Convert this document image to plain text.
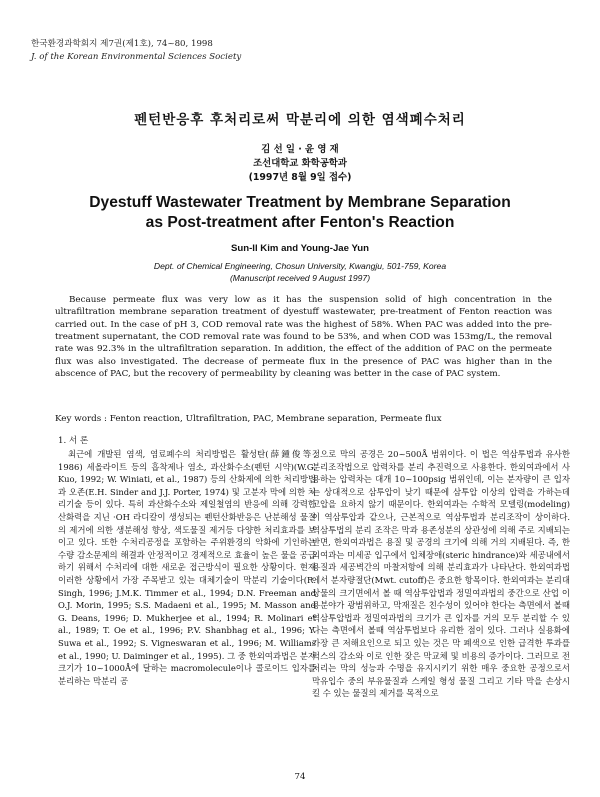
한국환경과학회지 제7권(제1호), 74~80, 1998
J. of the Korean Environmental Sciences Society
펜턴반응후 후처리로써 막분리에 의한 염색폐수처리
김 선 일 · 윤 영 재
조선대학교 화학공학과
(1997년 8월 9일 접수)
Dyestuff Wastewater Treatment by Membrane Separation
as Post-treatment after Fenton's Reaction
Sun-Il Kim and Young-Jae Yun
Dept. of Chemical Engineering, Chosun University, Kwangju, 501-759, Korea
(Manuscript received 9 August 1997)

Because permeate flux was very low as it has the suspension solid of high concentration in the ultrafiltration membrane separation treatment of dyestuff wastewater, pre-treatment of Fenton reaction was carried out. In the case of pH 3, COD removal rate was the highest of 58%. When PAC was added into the pre-treatment supernatant, the COD removal rate was found to be 53%, and when COD was 153mg/L, the removal rate was 92.3% in the ultrafiltration separation. In addition, the effect of the addition of PAC on the permeate flux was also investigated. The decrease of permeate flux in the presence of PAC was higher than in the abscence of PAC, but the recovery of permeability by cleaning was better in the case of PAC system.

Key words : Fenton reaction, Ultrafiltration, PAC, Membrane separation, Permeate flux
1. 서 론

최근에 개발된 염색, 염료폐수의 처리방법은 활성탄(薛鍾俊等, 1986) 세올라이트 등의 흡착제나 염소, 과산화수소(펜턴 시약)(W.G. Kuo, 1992; W. Winiati, et al., 1987) 등의 산화제에 의한 처리방법과 오존(E.H. Sinder and J.J. Porter, 1974) 및 고분자 막에 의한 처리기술 등이 있다. 특히 과산화수소와 제일철염의 반응에 의해 강력한 산화력을 지닌 ·OH 라디칼이 생성되는 펜턴산화반응은 난분해성 물질의 제거에 의한 생분해성 향상, 색도물질 제거등 다양한 처리효과를 보이고 있다. 또한 수처리공정을 포함하는 주위환경의 악화에 기인하는 수량 감소문제의 해결과 안정적이고 경제적으로 효율이 높은 물을 공급하기 위해서 수처리에 대한 새로운 접근방식이 필요한 상황이다. 현재 이러한 상황에서 가장 주목받고 있는 대체기술이 막분리 기술이다(R. Singh, 1996; J.M.K. Timmer et al., 1994; D.N. Freeman and O.J. Morin, 1995; S.S. Madaeni et al., 1995; M. Masson and G. Deans, 1996; D. Mukherjee et al., 1994; R. Molinari et al., 1989; T. Oe et al., 1996; P.V. Shanbhag et al., 1996; Y. Suwa et al., 1992; S. Vigneswaran et al., 1996; M. Williams et al., 1990; U. Daiminger et al., 1995). 그 중 한외여과법은 분자크기가 10~1000Å에 달하는 macromolecule이나 콜로이드 입자를 분리하는 막분리 공

정으로 막의 공경은 20~500Å 범위이다. 이 법은 역삼투법과 유사한 분리조작법으로 압력차를 분리 추진력으로 사용한다. 한외여과에서 사용하는 압력차는 대개 10~100psig 범위인데, 이는 분자량이 큰 입자는 상대적으로 삼투압이 낮기 때문에 삼투압 이상의 압력을 가하는데 고압을 요하지 않기 때문이다. 한외여과는 수학적 모델링(modeling)이 역삼투압과 같으나, 근본적으로 역삼투법과 분리조작이 상이하다. 역삼투법의 분리 조작은 막과 용존성분의 상관성에 의해 주로 지배되는 반면, 한외여과법은 용질 및 공경의 크기에 의해 거의 지배된다. 즉, 한외여과는 미세공 입구에서 입체장애(steric hindrance)와 세공내에서 용질과 세공벽간의 마찰저항에 의해 분리효과가 나타난다. 한외여과법에서 분자량절단(Mwt. cutoff)은 중요한 항목이다. 한외여과는 분리대상물의 크기면에서 볼 때 역삼투압법과 정밀여과법의 중간으로 산업 이용분야가 광범위하고, 막재질은 친수성이 있어야 한다는 측면에서 볼때 역삼투압법과 정밀여과법의 크기가 큰 입자를 거의 모두 분리할 수 있다는 측면에서 볼때 역삼투법보다 유리한 점이 있다. 그러나 실용화에 가장 큰 저해요인으로 되고 있는 것은 막 폐색으로 인한 급격한 투과플럭스의 감소와 이로 인한 잦은 막교체 및 비용의 증가이다. 그러므로 전처리는 막의 성능과 수명을 유지시키기 위한 매우 중요한 공정으로서 막유입수 중의 부유물질과 스케일 형성 물질 그리고 기타 막을 손상시킬 수 있는 물질의 제거를 목적으로

74
